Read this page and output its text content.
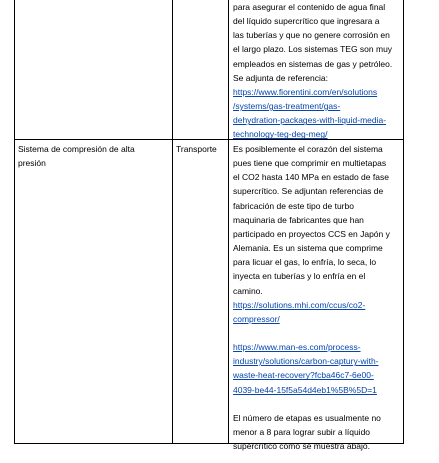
para asegurar el contenido de agua final
del líquido supercrítico que ingresara a
las tuberías y que no genere corrosión en
el largo plazo. Los sistemas TEG son muy
empleados en sistemas de gas y petróleo.
Se adjunta de referencia:

https://www.fiorentini.com/en/solutions
/systems/gas-treatment/gas-
dehydration-packages-with-liquid-media-
technology-teg-deg-meg/

Sistema de compresión de alta
presión

Transporte	Es posiblemente el corazón del sistema
pues tiene que comprimir en multietapas
el CO2 hasta 140 MPa en estado de fase
supercrítico. Se adjuntan referencias de
fabricación de este tipo de turbo
maquinaria de fabricantes que han
participado en proyectos CCS en Japón y
Alemania. Es un sistema que comprime
para licuar el gas, lo enfría, lo seca, lo
inyecta en tuberías y lo enfría en el
camino.

https://solutions.mhi.com/ccus/co2-
compressor/
https://www.man-es.com/process-
industry/solutions/carbon-captury-with-
waste-heat-recovery?fcba46c7-6e00-
4039-be44-15f5a54d4eb1%5B%5D=1

El número de etapas es usualmente no
menor a 8 para lograr subir a líquido
supercrítico como se muestra abajo.
